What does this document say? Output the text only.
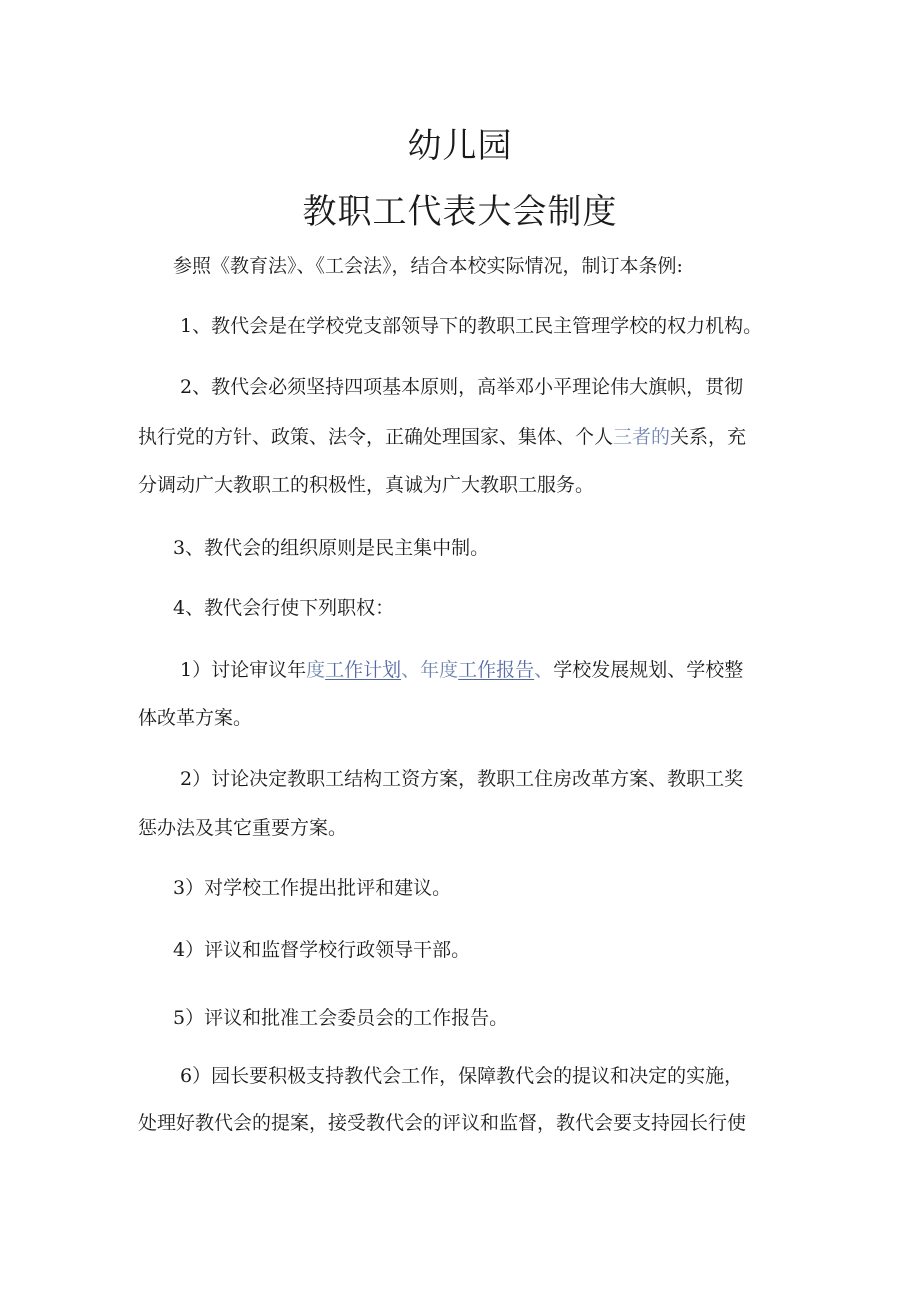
幼儿园
教职工代表大会制度

参照《教育法》、《工会法》，结合本校实际情况，制订本条例:

1、教代会是在学校党支部领导下的教职工民主管理学校的权力机构。

2、教代会必须坚持四项基本原则，高举邓小平理论伟大旗帜，贯彻

执行党的方针、政策、法令，正确处理国家、集体、个人三者的关系，充

分调动广大教职工的积极性，真诚为广大教职工服务。

3、教代会的组织原则是民主集中制。

4、教代会行使下列职权：

1）讨论审议年度工作计划、年度工作报告、学校发展规划、学校整

体改革方案。

2）讨论决定教职工结构工资方案，教职工住房改革方案、教职工奖

惩办法及其它重要方案。

3）对学校工作提出批评和建议。

4）评议和监督学校行政领导干部。

5）评议和批准工会委员会的工作报告。

6）园长要积极支持教代会工作，保障教代会的提议和决定的实施，

处理好教代会的提案，接受教代会的评议和监督，教代会要支持园长行使
